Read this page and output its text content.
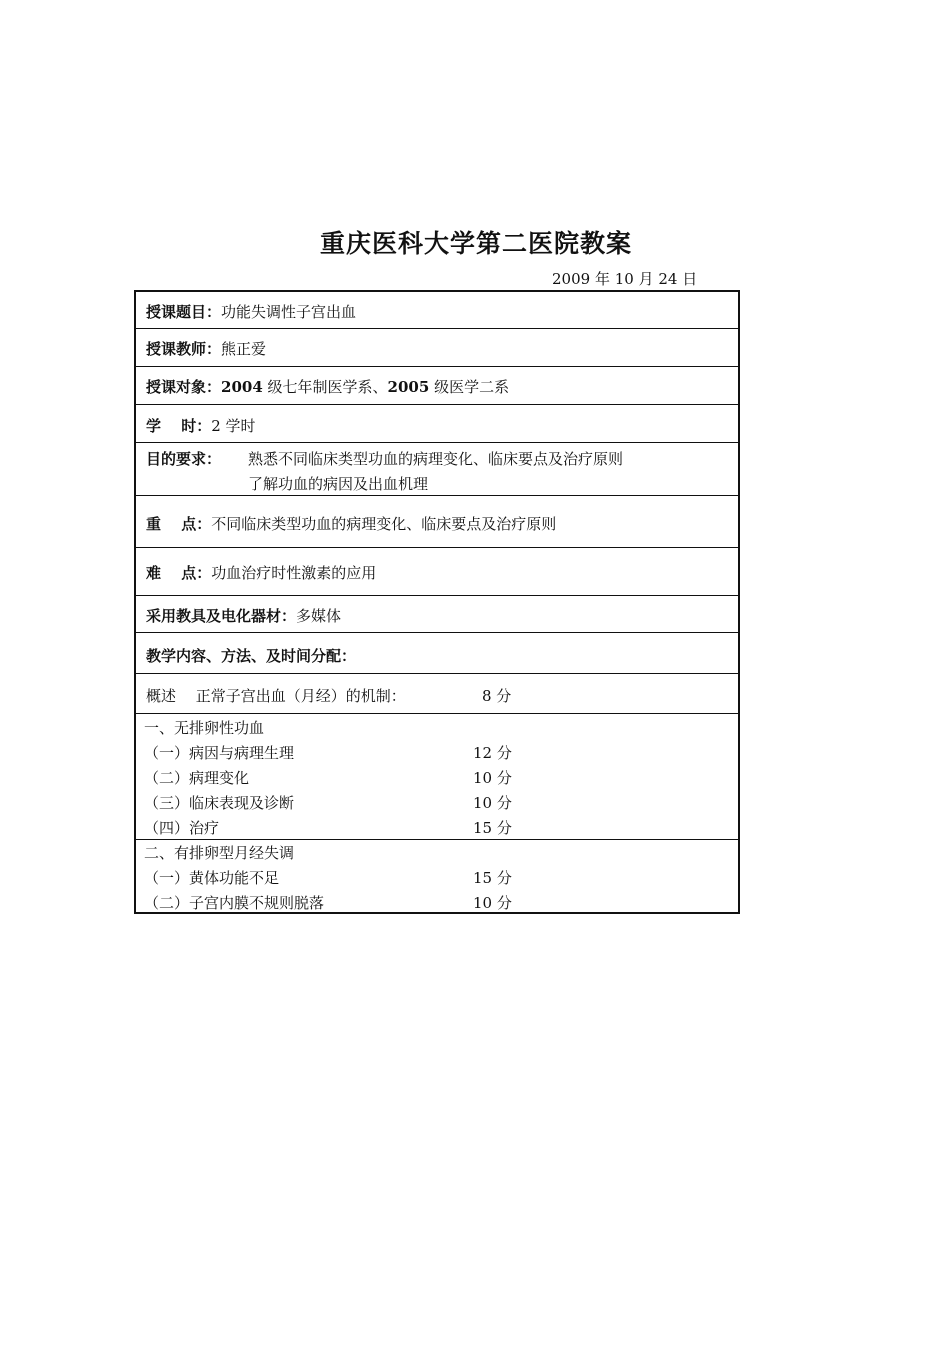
重庆医科大学第二医院教案
2009 年 10 月 24 日
授课题目：功能失调性子宫出血
授课教师：熊正爱
授课对象：2004 级七年制医学系、2005 级医学二系
学　 时：2 学时
目的要求： 熟悉不同临床类型功血的病理变化、临床要点及治疗原则
了解功血的病因及出血机理
重　 点：不同临床类型功血的病理变化、临床要点及治疗原则
难　 点：功血治疗时性激素的应用
采用教具及电化器材：多媒体
教学内容、方法、及时间分配：
概述　 正常子宫出血（月经）的机制：	8 分
一、无排卵性功血
（一）病因与病理生理	12 分
（二）病理变化	10 分
（三）临床表现及诊断	10 分
（四）治疗	15 分
二、有排卵型月经失调
（一）黄体功能不足	15 分
（二）子宫内膜不规则脱落	10 分
